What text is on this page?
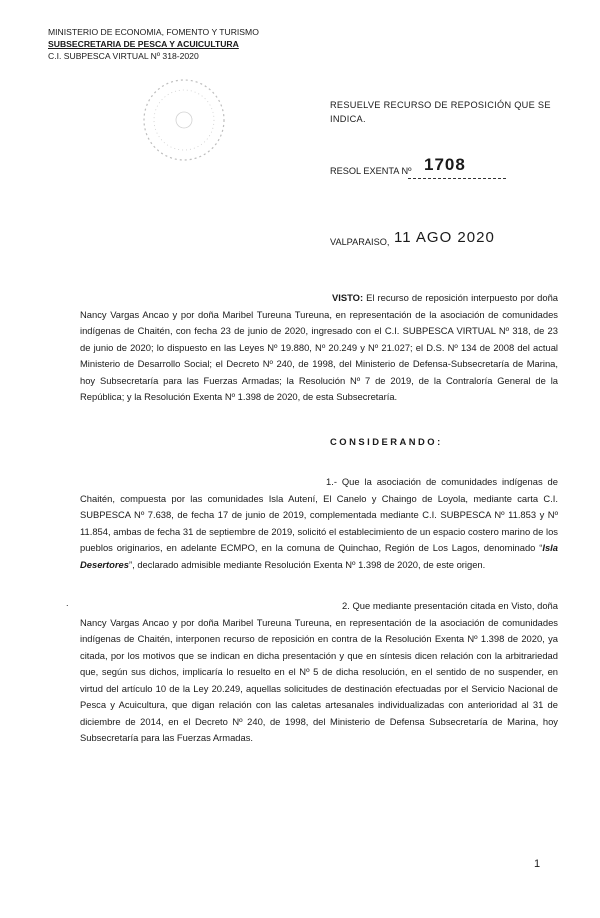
MINISTERIO DE ECONOMIA, FOMENTO Y TURISMO
SUBSECRETARIA DE PESCA Y ACUICULTURA
C.I. SUBPESCA VIRTUAL Nº 318-2020
RESUELVE RECURSO DE REPOSICIÓN QUE SE
INDICA.
RESOL EXENTA Nº 1708
VALPARAISO, 11 AGO 2020
VISTO: El recurso de reposición interpuesto por doña Nancy Vargas Ancao y por doña Maribel Tureuna Tureuna, en representación de la asociación de comunidades indígenas de Chaitén, con fecha 23 de junio de 2020, ingresado con el C.I. SUBPESCA VIRTUAL Nº 318, de 23 de junio de 2020; lo dispuesto en las Leyes Nº 19.880, Nº 20.249 y Nº 21.027; el D.S. Nº 134 de 2008 del actual Ministerio de Desarrollo Social; el Decreto Nº 240, de 1998, del Ministerio de Defensa-Subsecretaría de Marina, hoy Subsecretaría para las Fuerzas Armadas; la Resolución Nº 7 de 2019, de la Contraloría General de la República; y la Resolución Exenta Nº 1.398 de 2020, de esta Subsecretaría.
CONSIDERANDO:
1.- Que la asociación de comunidades indígenas de Chaitén, compuesta por las comunidades Isla Autení, El Canelo y Chaingo de Loyola, mediante carta C.I. SUBPESCA Nº 7.638, de fecha 17 de junio de 2019, complementada mediante C.I. SUBPESCA Nº 11.853 y Nº 11.854, ambas de fecha 31 de septiembre de 2019, solicitó el establecimiento de un espacio costero marino de los pueblos originarios, en adelante ECMPO, en la comuna de Quinchao, Región de Los Lagos, denominado “Isla Desertores”, declarado admisible mediante Resolución Exenta Nº 1.398 de 2020, de este origen.
.	2. Que mediante presentación citada en Visto, doña Nancy Vargas Ancao y por doña Maribel Tureuna Tureuna, en representación de la asociación de comunidades indígenas de Chaitén, interponen recurso de reposición en contra de la Resolución Exenta Nº 1.398 de 2020, ya citada, por los motivos que se indican en dicha presentación y que en síntesis dicen relación con la arbitrariedad que, según sus dichos, implicaría lo resuelto en el Nº 5 de dicha resolución, en el sentido de no suspender, en virtud del artículo 10 de la Ley 20.249, aquellas solicitudes de destinación efectuadas por el Servicio Nacional de Pesca y Acuicultura, que digan relación con las caletas artesanales individualizadas con anterioridad al 31 de diciembre de 2014, en el Decreto Nº 240, de 1998, del Ministerio de Defensa Subsecretaría de Marina, hoy Subsecretaría para las Fuerzas Armadas.
1
